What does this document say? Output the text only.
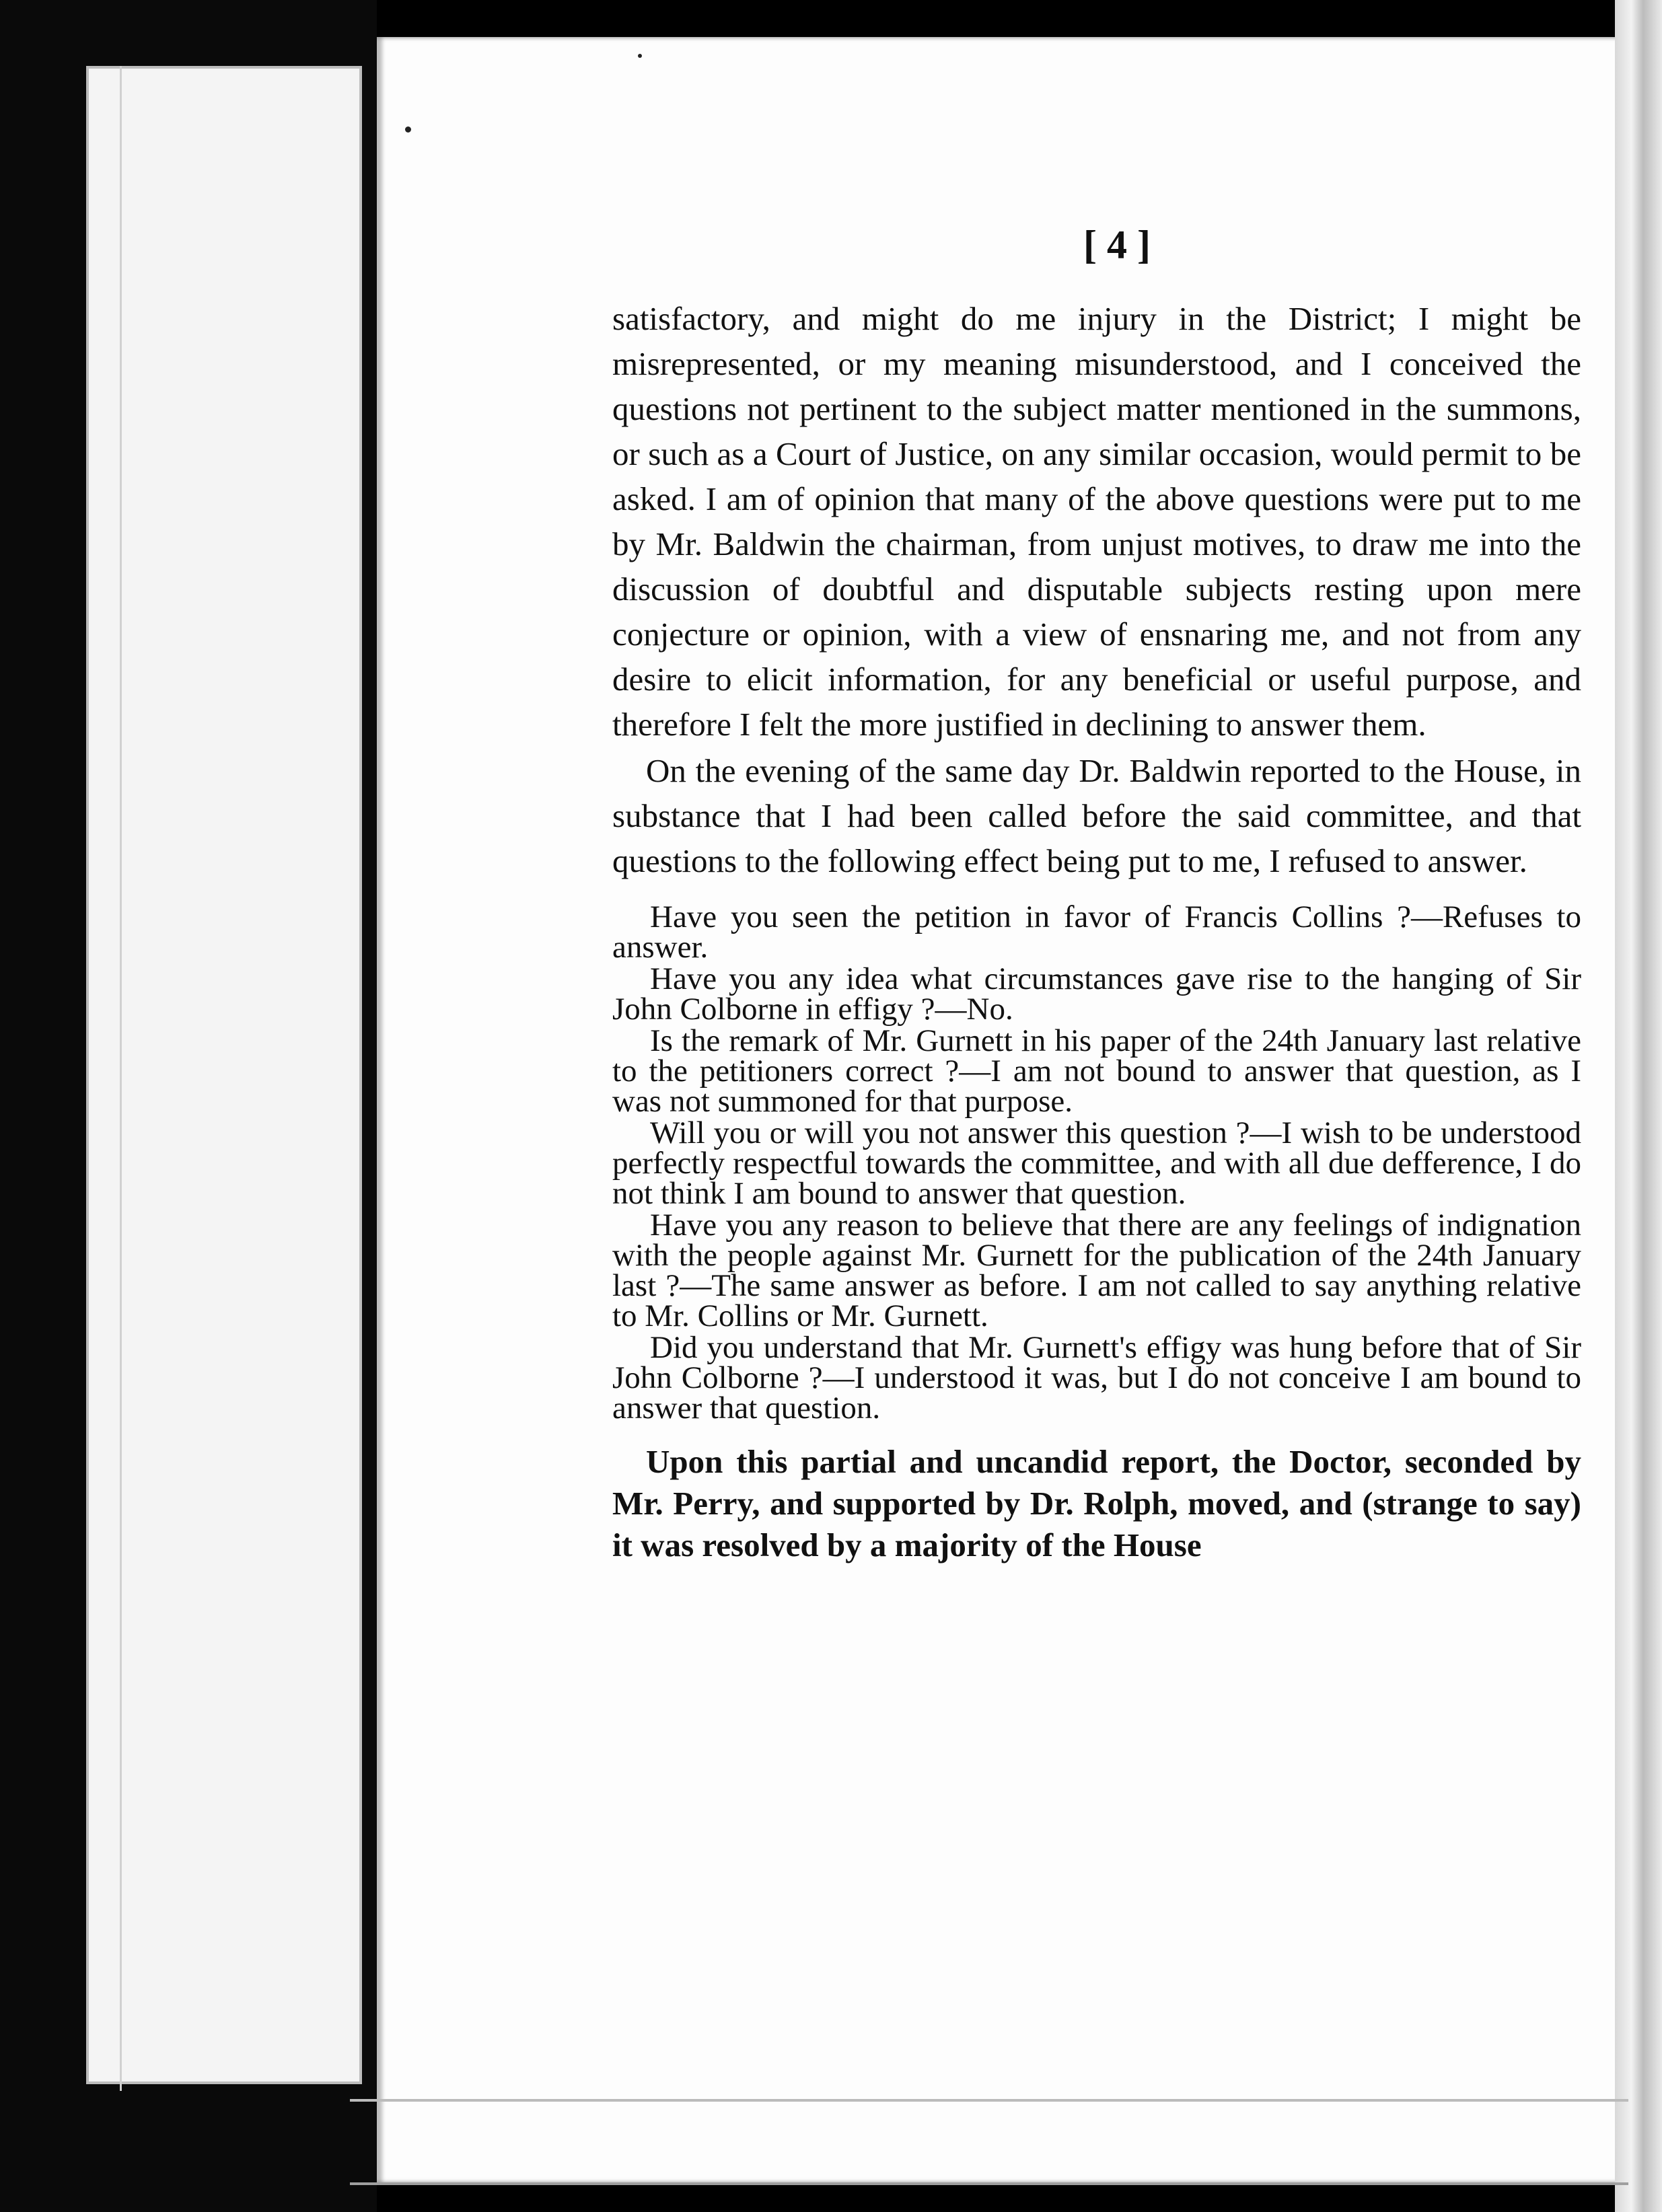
[ 4 ]

satisfactory, and might do me injury in the District; I might be misrepresented, or my meaning misunderstood, and I conceived the questions not pertinent to the subject matter mentioned in the summons, or such as a Court of Justice, on any similar occasion, would permit to be asked. I am of opinion that many of the above questions were put to me by Mr. Baldwin the chairman, from unjust motives, to draw me into the discussion of doubtful and disputable subjects resting upon mere conjecture or opinion, with a view of ensnaring me, and not from any desire to elicit information, for any beneficial or useful purpose, and therefore I felt the more justified in declining to answer them.

On the evening of the same day Dr. Baldwin reported to the House, in substance that I had been called before the said committee, and that questions to the following effect being put to me, I refused to answer.

Have you seen the petition in favor of Francis Collins ?—Refuses to answer.

Have you any idea what circumstances gave rise to the hanging of Sir John Colborne in effigy ?—No.

Is the remark of Mr. Gurnett in his paper of the 24th January last relative to the petitioners correct ?—I am not bound to answer that question, as I was not summoned for that purpose.

Will you or will you not answer this question ?—I wish to be understood perfectly respectful towards the committee, and with all due defference, I do not think I am bound to answer that question.

Have you any reason to believe that there are any feelings of indignation with the people against Mr. Gurnett for the publication of the 24th January last ?—The same answer as before. I am not called to say anything relative to Mr. Collins or Mr. Gurnett.

Did you understand that Mr. Gurnett's effigy was hung before that of Sir John Colborne ?—I understood it was, but I do not conceive I am bound to answer that question.

Upon this partial and uncandid report, the Doctor, seconded by Mr. Perry, and supported by Dr. Rolph, moved, and (strange to say) it was resolved by a majority of the House
